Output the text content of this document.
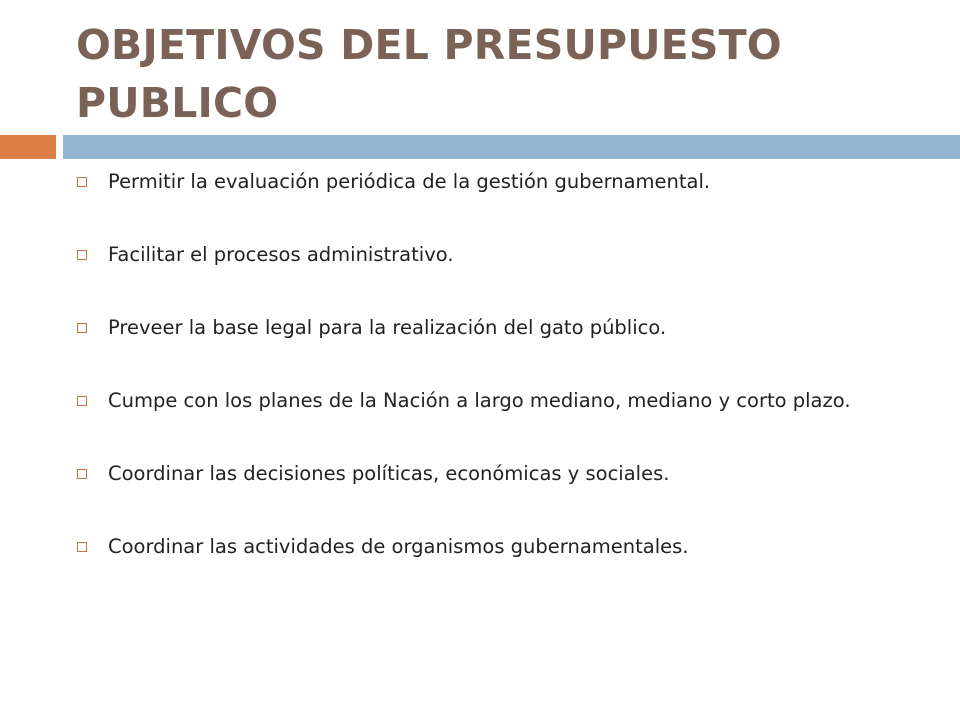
OBJETIVOS DEL PRESUPUESTO PUBLICO
Permitir la evaluación periódica de la gestión gubernamental.
Facilitar el procesos administrativo.
Preveer la base legal para la realización del gato público.
Cumpe con los planes de la Nación a largo mediano, mediano y corto plazo.
Coordinar las decisiones políticas, económicas y sociales.
Coordinar las actividades de organismos gubernamentales.
